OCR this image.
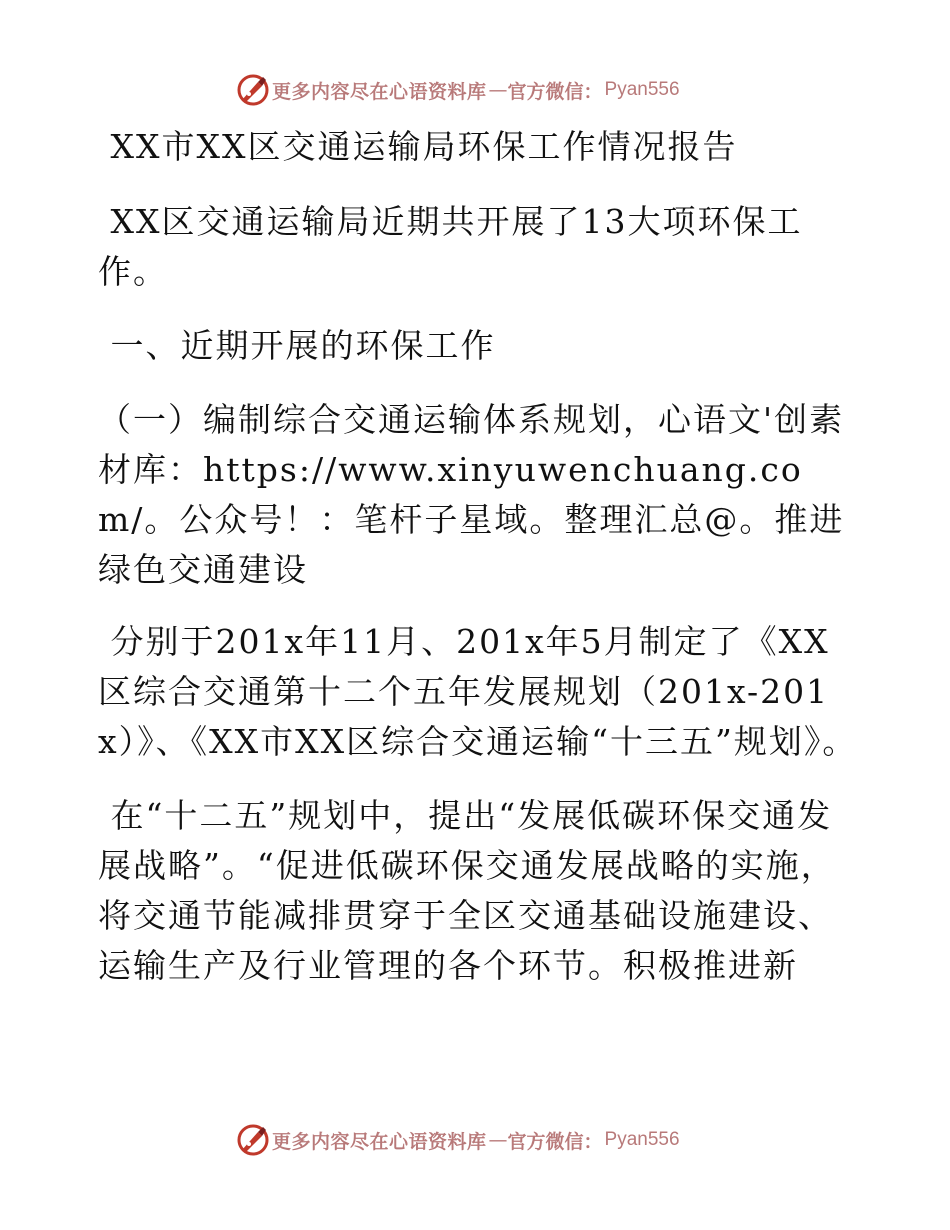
更多内容尽在心语资料库 — 官方微信： Pyan556

XX市XX区交通运输局环保工作情况报告

XX区交通运输局近期共开展了13大项环保工作。

一、近期开展的环保工作

（一）编制综合交通运输体系规划，心语文'创素材库：https://www.xinyuwenchuang.com/。公众号！：笔杆子星域。整理汇总@。推进绿色交通建设

分别于201x年11月、201x年5月制定了《XX区综合交通第十二个五年发展规划（201x-201x）》、《XX市XX区综合交通运输“十三五”规划》。

在“十二五”规划中，提出“发展低碳环保交通发展战略”。“促进低碳环保交通发展战略的实施，将交通节能减排贯穿于全区交通基础设施建设、运输生产及行业管理的各个环节。积极推进新

更多内容尽在心语资料库 — 官方微信： Pyan556
